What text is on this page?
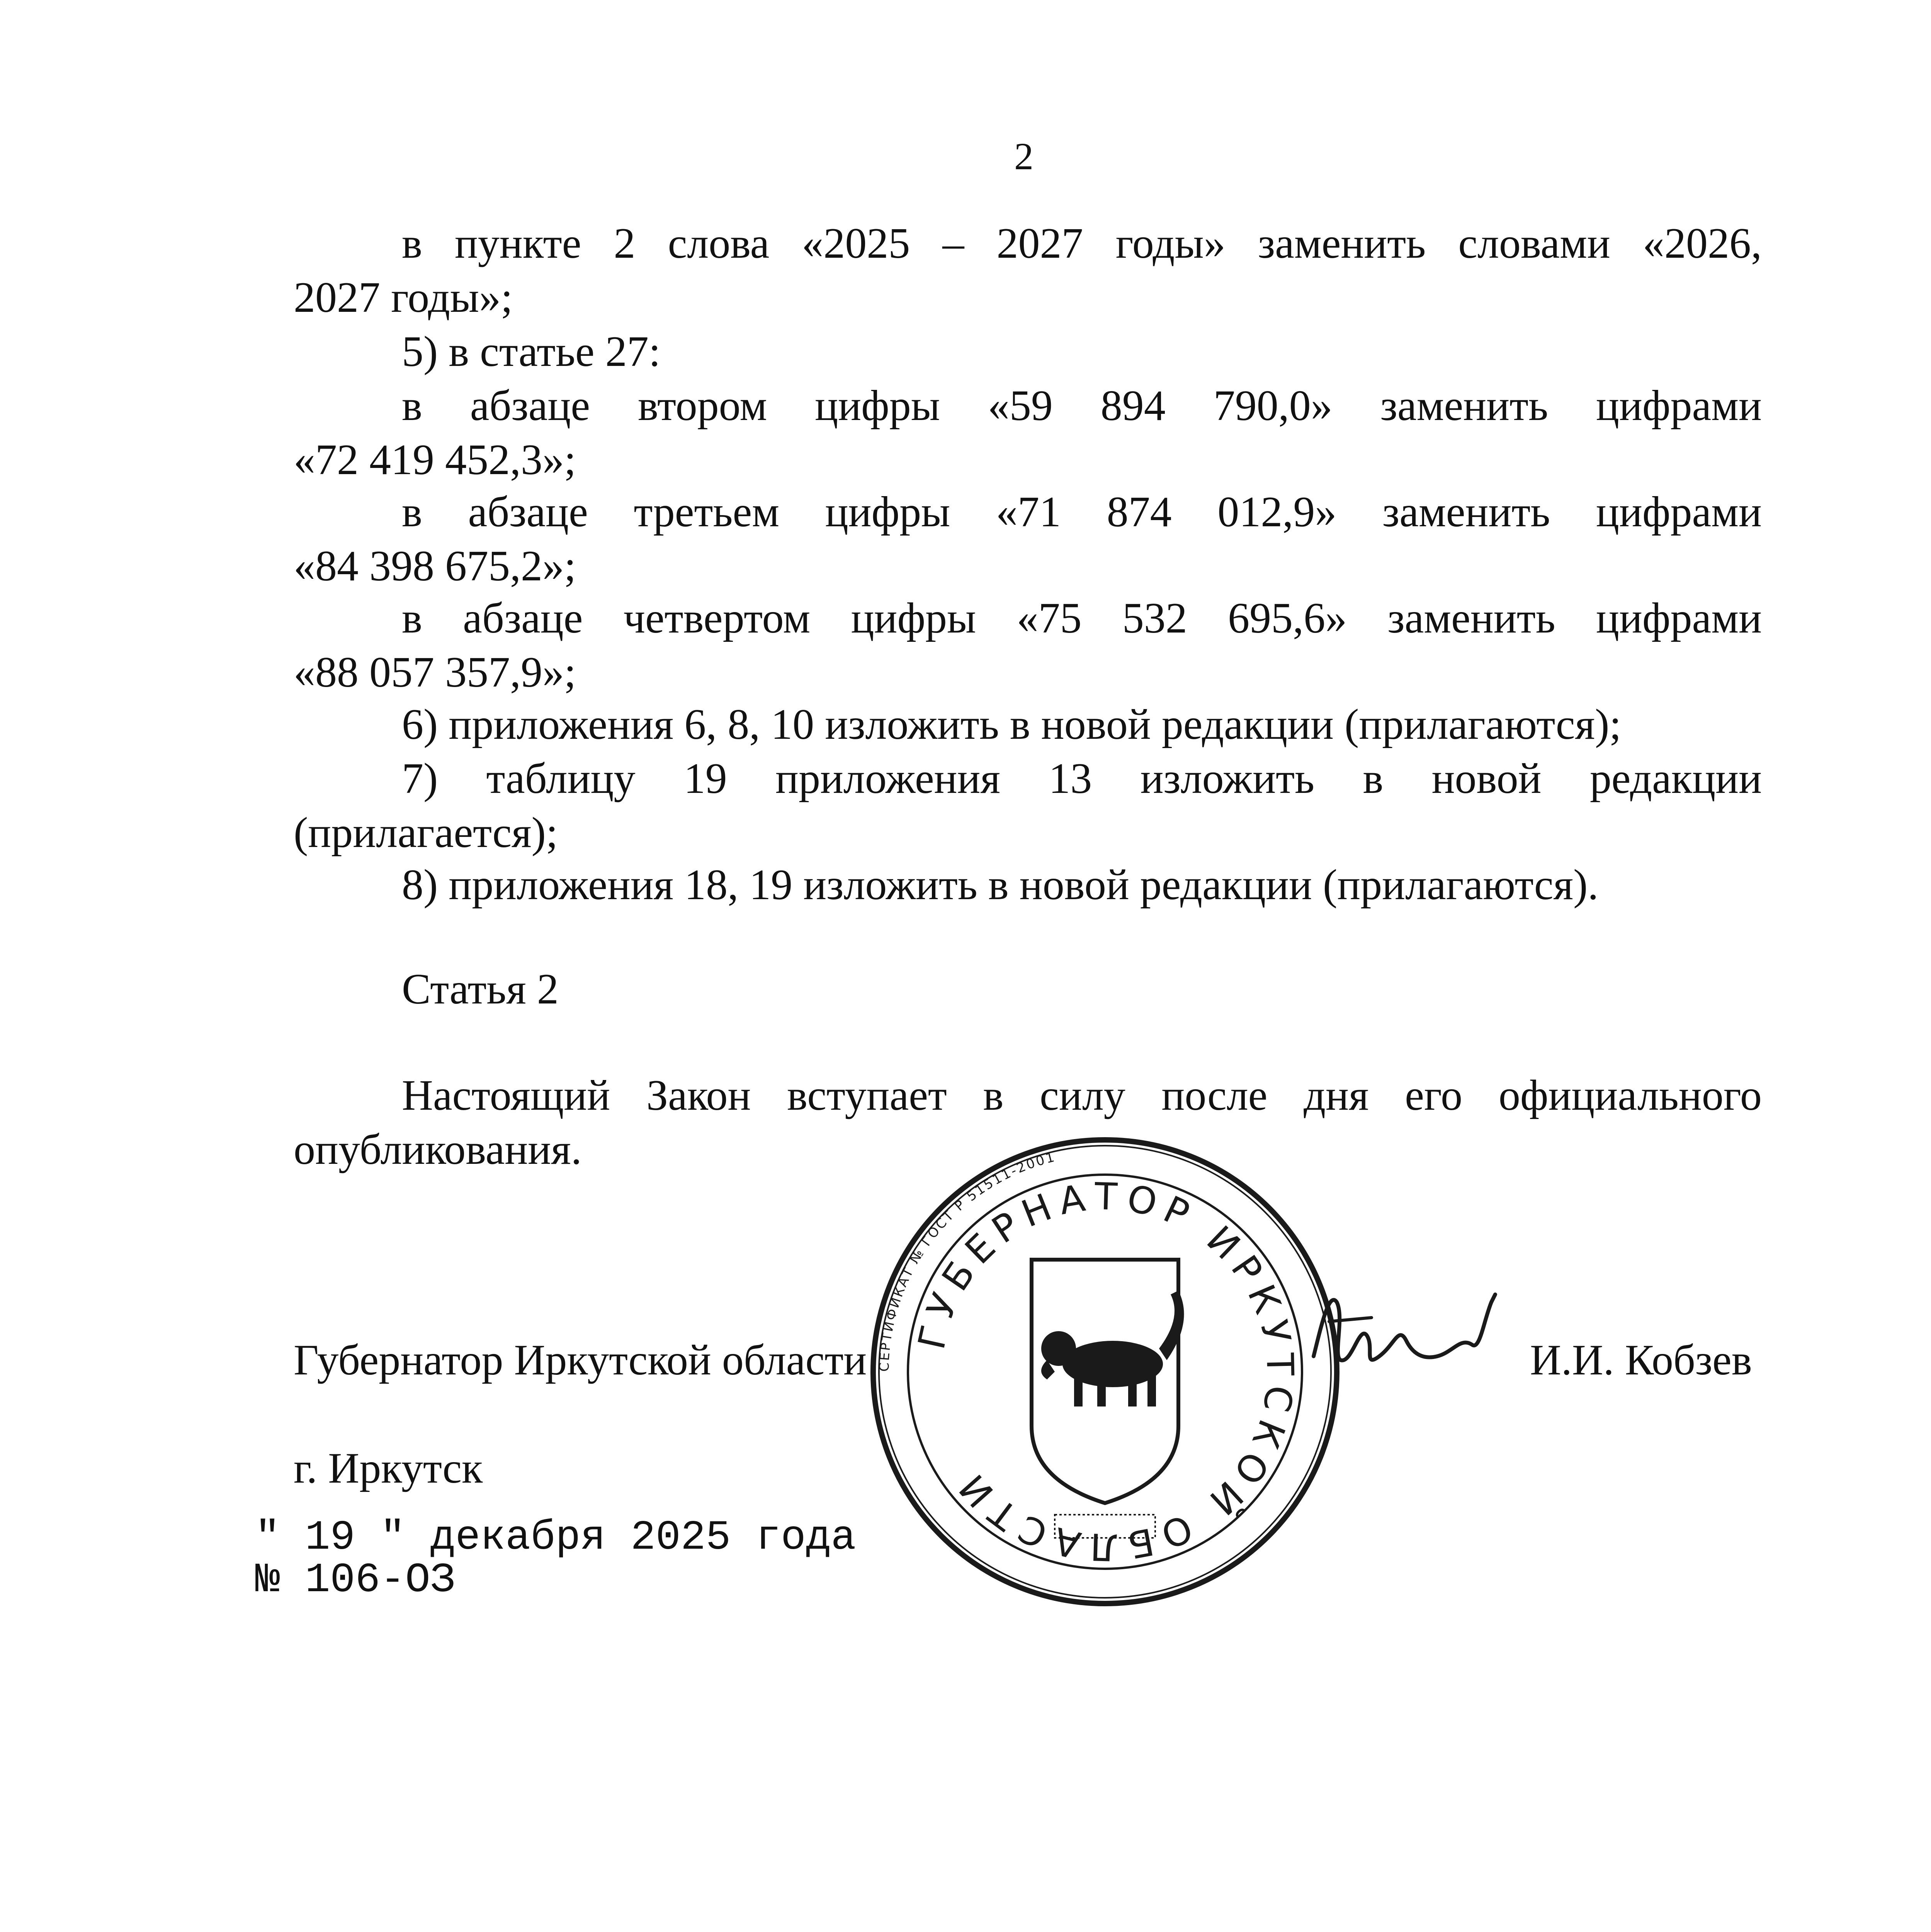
2
в пункте 2 слова «2025 – 2027 годы» заменить словами «2026,
2027 годы»;
5) в статье 27:
в абзаце втором цифры «59 894 790,0» заменить цифрами
«72 419 452,3»;
в абзаце третьем цифры «71 874 012,9» заменить цифрами
«84 398 675,2»;
в абзаце четвертом цифры «75 532 695,6» заменить цифрами
«88 057 357,9»;
6) приложения 6, 8, 10 изложить в новой редакции (прилагаются);
7) таблицу 19 приложения 13 изложить в новой редакции
(прилагается);
8) приложения 18, 19 изложить в новой редакции (прилагаются).
Статья 2
Настоящий Закон вступает в силу после дня его официального
опубликования.
Губернатор Иркутской области	И.И. Кобзев
г. Иркутск
" 19 " декабря 2025 года
№ 106-ОЗ
СЕРТИФИКАТ № ГОСТ Р 51511-2001
ГУБЕРНАТОР ИРКУТСКОЙ ОБЛАСТИ
